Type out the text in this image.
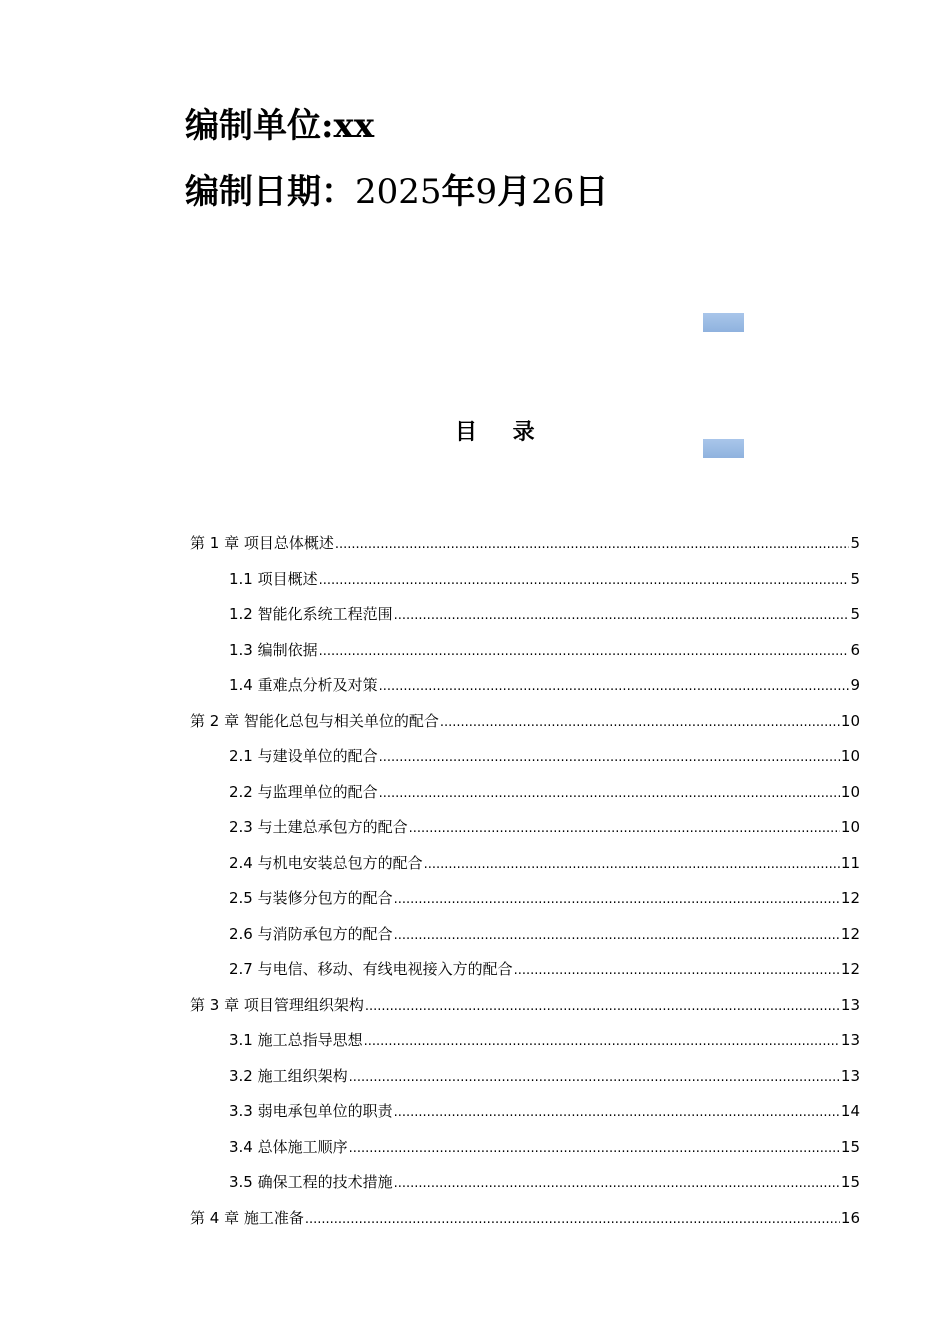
编制单位:xx
编制日期：2025年9月26日
目 录
第 1 章 项目总体概述 .....	5
1.1 项目概述 .....	5
1.2 智能化系统工程范围 .....	5
1.3 编制依据 .....	6
1.4 重难点分析及对策 .....	9
第 2 章 智能化总包与相关单位的配合 .....	10
2.1 与建设单位的配合 .....	10
2.2 与监理单位的配合 .....	10
2.3 与土建总承包方的配合 .....	10
2.4 与机电安装总包方的配合 .....	11
2.5 与装修分包方的配合 .....	12
2.6 与消防承包方的配合 .....	12
2.7 与电信、移动、有线电视接入方的配合 .....	12
第 3 章 项目管理组织架构 .....	13
3.1 施工总指导思想 .....	13
3.2 施工组织架构 .....	13
3.3 弱电承包单位的职责 .....	14
3.4 总体施工顺序 .....	15
3.5 确保工程的技术措施 .....	15
第 4 章 施工准备 .....	16
